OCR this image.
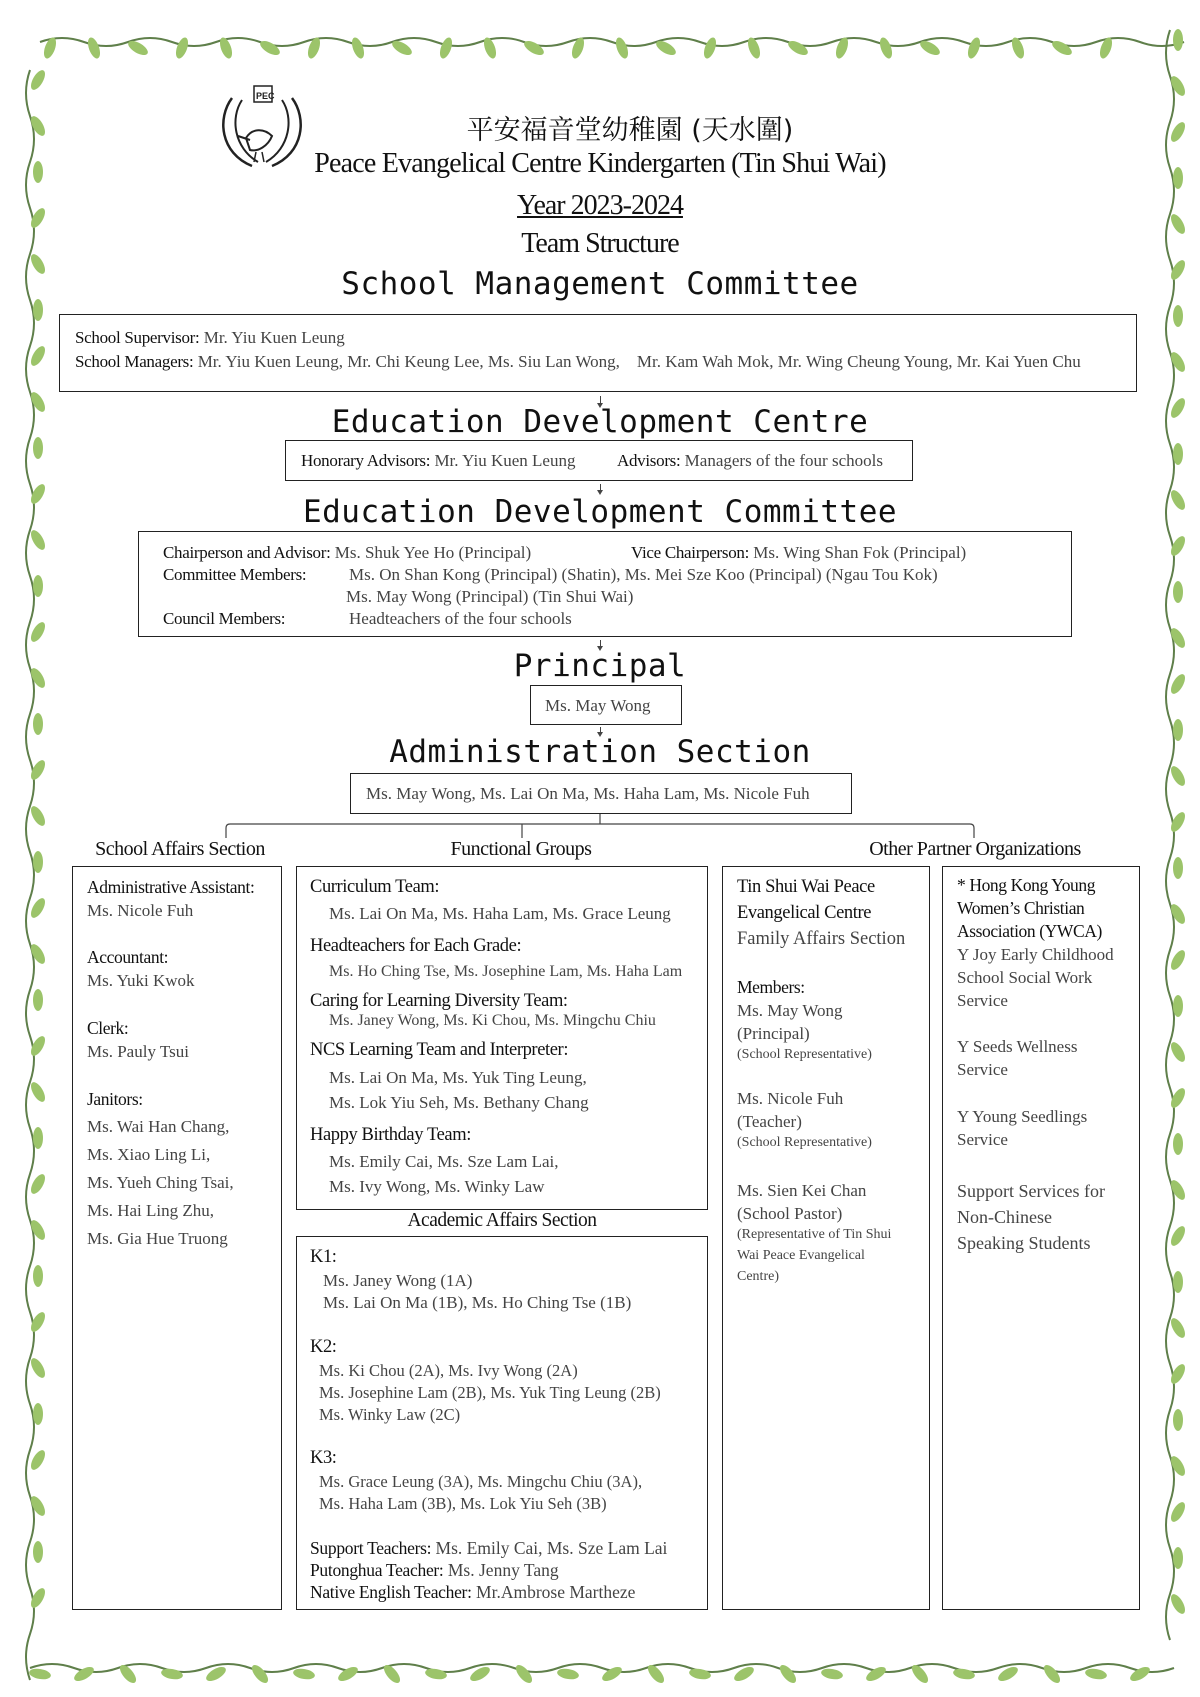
PEC
平安福音堂幼稚園 (天水圍)
Peace Evangelical Centre Kindergarten (Tin Shui Wai)
Year 2023-2024
Team Structure
School Management Committee
School Supervisor: Mr. Yiu Kuen Leung
School Managers: Mr. Yiu Kuen Leung, Mr. Chi Keung Lee, Ms. Siu Lan Wong,    Mr. Kam Wah Mok, Mr. Wing Cheung Young, Mr. Kai Yuen Chu
Education Development Centre
Honorary Advisors: Mr. Yiu Kuen Leung Advisors: Managers of the four schools
Education Development Committee
Chairperson and Advisor: Ms. Shuk Yee Ho (Principal)	Vice Chairperson: Ms. Wing Shan Fok (Principal)
Committee Members:	Ms. On Shan Kong (Principal) (Shatin), Ms. Mei Sze Koo (Principal) (Ngau Tou Kok)
Ms. May Wong (Principal) (Tin Shui Wai)
Council Members:	Headteachers of the four schools
Principal
Ms. May Wong
Administration Section
Ms. May Wong, Ms. Lai On Ma, Ms. Haha Lam, Ms. Nicole Fuh
School Affairs Section	Functional Groups	Other Partner Organizations
Administrative Assistant:
Ms. Nicole Fuh
Accountant:
Ms. Yuki Kwok
Clerk:
Ms. Pauly Tsui
Janitors:
Ms. Wai Han Chang,
Ms. Xiao Ling Li,
Ms. Yueh Ching Tsai,
Ms. Hai Ling Zhu,
Ms. Gia Hue Truong
Curriculum Team:
Ms. Lai On Ma, Ms. Haha Lam, Ms. Grace Leung
Headteachers for Each Grade:
Ms. Ho Ching Tse, Ms. Josephine Lam, Ms. Haha Lam
Caring for Learning Diversity Team:
Ms. Janey Wong, Ms. Ki Chou, Ms. Mingchu Chiu
NCS Learning Team and Interpreter:
Ms. Lai On Ma, Ms. Yuk Ting Leung,
Ms. Lok Yiu Seh, Ms. Bethany Chang
Happy Birthday Team:
Ms. Emily Cai, Ms. Sze Lam Lai,
Ms. Ivy Wong, Ms. Winky Law
Academic Affairs Section
K1:
Ms. Janey Wong (1A)
Ms. Lai On Ma (1B), Ms. Ho Ching Tse (1B)
K2:
Ms. Ki Chou (2A), Ms. Ivy Wong (2A)
Ms. Josephine Lam (2B), Ms. Yuk Ting Leung (2B)
Ms. Winky Law (2C)
K3:
Ms. Grace Leung (3A), Ms. Mingchu Chiu (3A),
Ms. Haha Lam (3B), Ms. Lok Yiu Seh (3B)
Support Teachers: Ms. Emily Cai, Ms. Sze Lam Lai
Putonghua Teacher: Ms. Jenny Tang
Native English Teacher: Mr.Ambrose Martheze
Tin Shui Wai Peace
Evangelical Centre
Family Affairs Section
Members:
Ms. May Wong
(Principal)
(School Representative)
Ms. Nicole Fuh
(Teacher)
(School Representative)
Ms. Sien Kei Chan
(School Pastor)
(Representative of Tin Shui
Wai Peace Evangelical
Centre)
* Hong Kong Young
Women’s Christian
Association (YWCA)
Y Joy Early Childhood
School Social Work
Service
Y Seeds Wellness
Service
Y Young Seedlings
Service
Support Services for
Non-Chinese
Speaking Students
